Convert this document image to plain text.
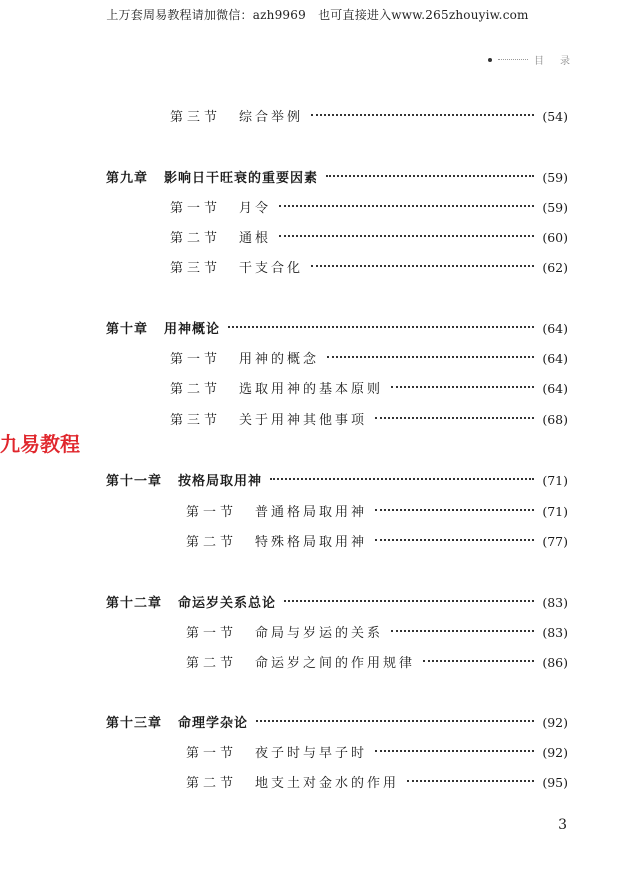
上万套周易教程请加微信：azh9969　也可直接进入www.265zhouyiw.com
目　录
九易教程
第三节 综合举例	(54)
第九章 影响日干旺衰的重要因素	(59)
第一节 月令	(59)
第二节 通根	(60)
第三节 干支合化	(62)
第十章 用神概论	(64)
第一节 用神的概念	(64)
第二节 选取用神的基本原则	(64)
第三节 关于用神其他事项	(68)
第十一章 按格局取用神	(71)
第一节 普通格局取用神	(71)
第二节 特殊格局取用神	(77)
第十二章 命运岁关系总论	(83)
第一节 命局与岁运的关系	(83)
第二节 命运岁之间的作用规律	(86)
第十三章 命理学杂论	(92)
第一节 夜子时与早子时	(92)
第二节 地支土对金水的作用	(95)
3
